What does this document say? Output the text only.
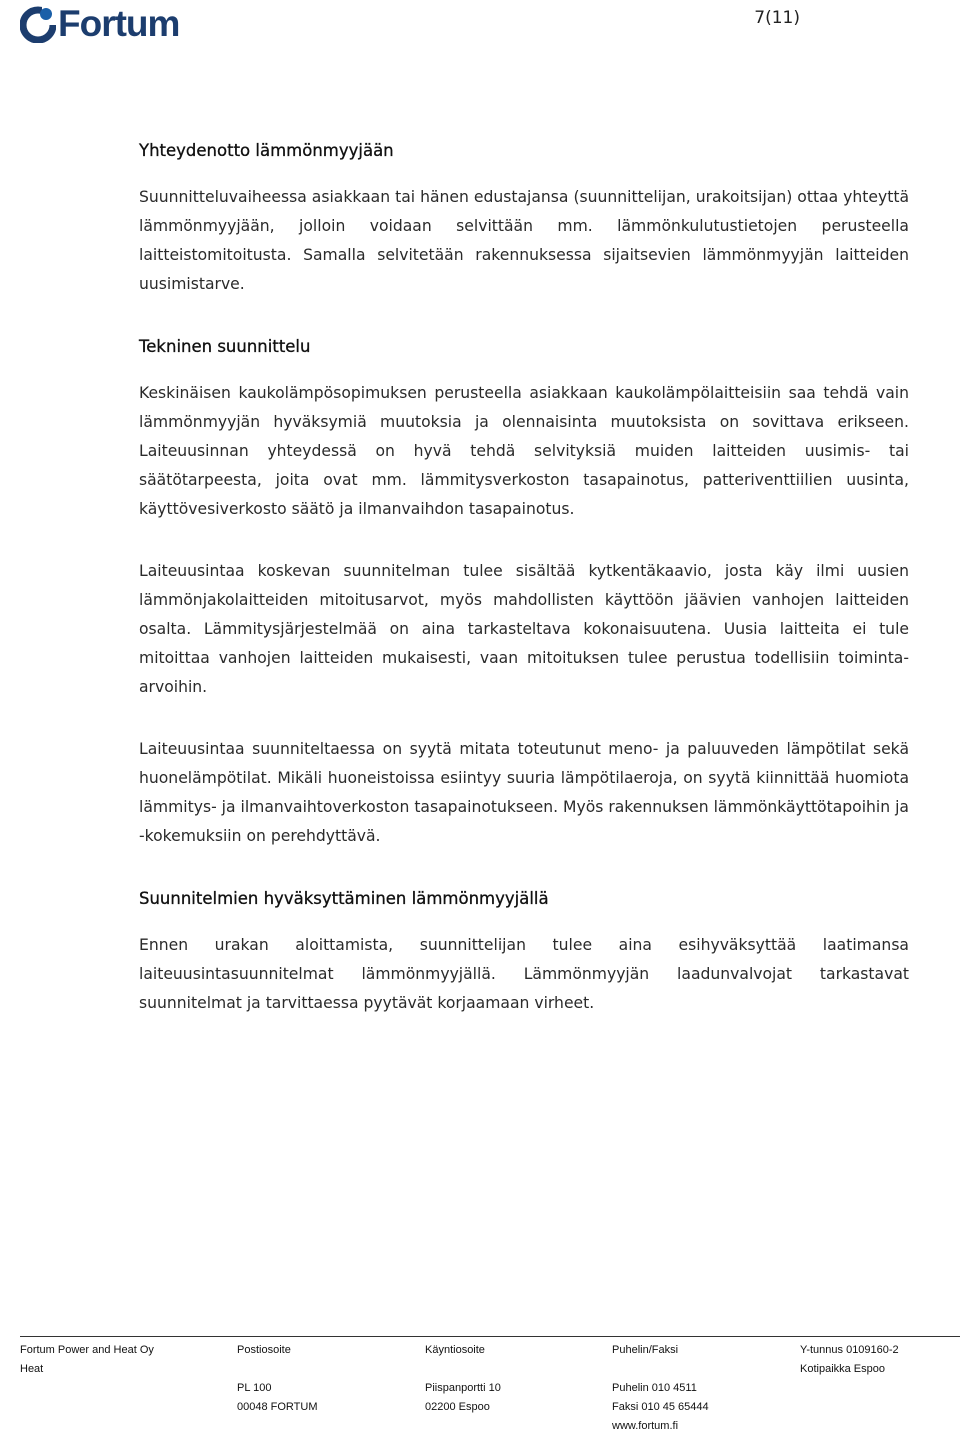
Fortum	7(11)
Yhteydenotto lämmönmyyjään

Suunnitteluvaiheessa asiakkaan tai hänen edustajansa (suunnittelijan, urakoitsijan) ottaa yhteyttä lämmönmyyjään, jolloin voidaan selvittään mm. lämmönkulutustietojen perusteella laitteistomitoitusta. Samalla selvitetään rakennuksessa sijaitsevien lämmönmyyjän laitteiden uusimistarve.

Tekninen suunnittelu

Keskinäisen kaukolämpösopimuksen perusteella asiakkaan kaukolämpölaitteisiin saa tehdä vain lämmönmyyjän hyväksymiä muutoksia ja olennaisinta muutoksista on sovittava erikseen. Laiteuusinnan yhteydessä on hyvä tehdä selvityksiä muiden laitteiden uusimis- tai säätötarpeesta, joita ovat mm. lämmitysverkoston tasapainotus, patteriventtiilien uusinta, käyttövesiverkosto säätö ja ilmanvaihdon tasapainotus.

Laiteuusintaa koskevan suunnitelman tulee sisältää kytkentäkaavio, josta käy ilmi uusien lämmönjakolaitteiden mitoitusarvot, myös mahdollisten käyttöön jäävien vanhojen laitteiden osalta. Lämmitysjärjestelmää on aina tarkasteltava kokonaisuutena. Uusia laitteita ei tule mitoittaa vanhojen laitteiden mukaisesti, vaan mitoituksen tulee perustua todellisiin toiminta-arvoihin.

Laiteuusintaa suunniteltaessa on syytä mitata toteutunut meno- ja paluuveden lämpötilat sekä huonelämpötilat. Mikäli huoneistoissa esiintyy suuria lämpötilaeroja, on syytä kiinnittää huomiota lämmitys- ja ilmanvaihtoverkoston tasapainotukseen. Myös rakennuksen lämmönkäyttötapoihin ja -kokemuksiin on perehdyttävä.

Suunnitelmien hyväksyttäminen lämmönmyyjällä

Ennen urakan aloittamista, suunnittelijan tulee aina esihyväksyttää laatimansa laiteuusintasuunnitelmat lämmönmyyjällä. Lämmönmyyjän laadunvalvojat tarkastavat suunnitelmat ja tarvittaessa pyytävät korjaamaan virheet.

Fortum Power and Heat Oy
Heat
Postiosoite
PL 100
00048 FORTUM
Käyntiosoite
Piispanportti 10
02200 Espoo
Puhelin/Faksi
Puhelin 010 4511
Faksi 010 45 65444
www.fortum.fi
Y-tunnus 0109160-2
Kotipaikka Espoo
